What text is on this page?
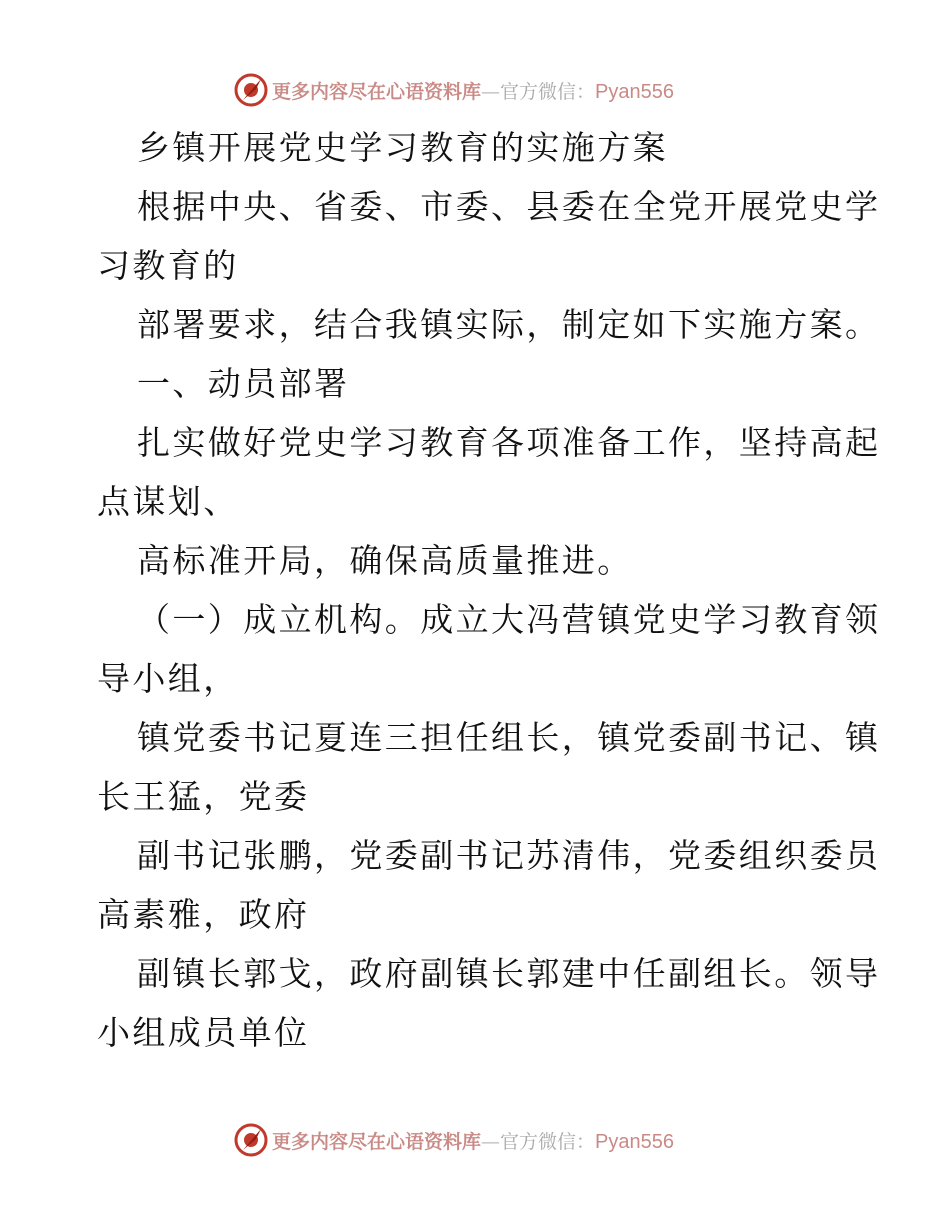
更多内容尽在心语资料库—官方微信：Pyan556
乡镇开展党史学习教育的实施方案
根据中央、省委、市委、县委在全党开展党史学
习教育的
部署要求，结合我镇实际，制定如下实施方案。
一、动员部署
扎实做好党史学习教育各项准备工作，坚持高起
点谋划、
高标准开局，确保高质量推进。
（一）成立机构。成立大冯营镇党史学习教育领
导小组，
镇党委书记夏连三担任组长，镇党委副书记、镇
长王猛，党委
副书记张鹏，党委副书记苏清伟，党委组织委员
高素雅，政府
副镇长郭戈，政府副镇长郭建中任副组长。领导
小组成员单位
更多内容尽在心语资料库—官方微信：Pyan556
